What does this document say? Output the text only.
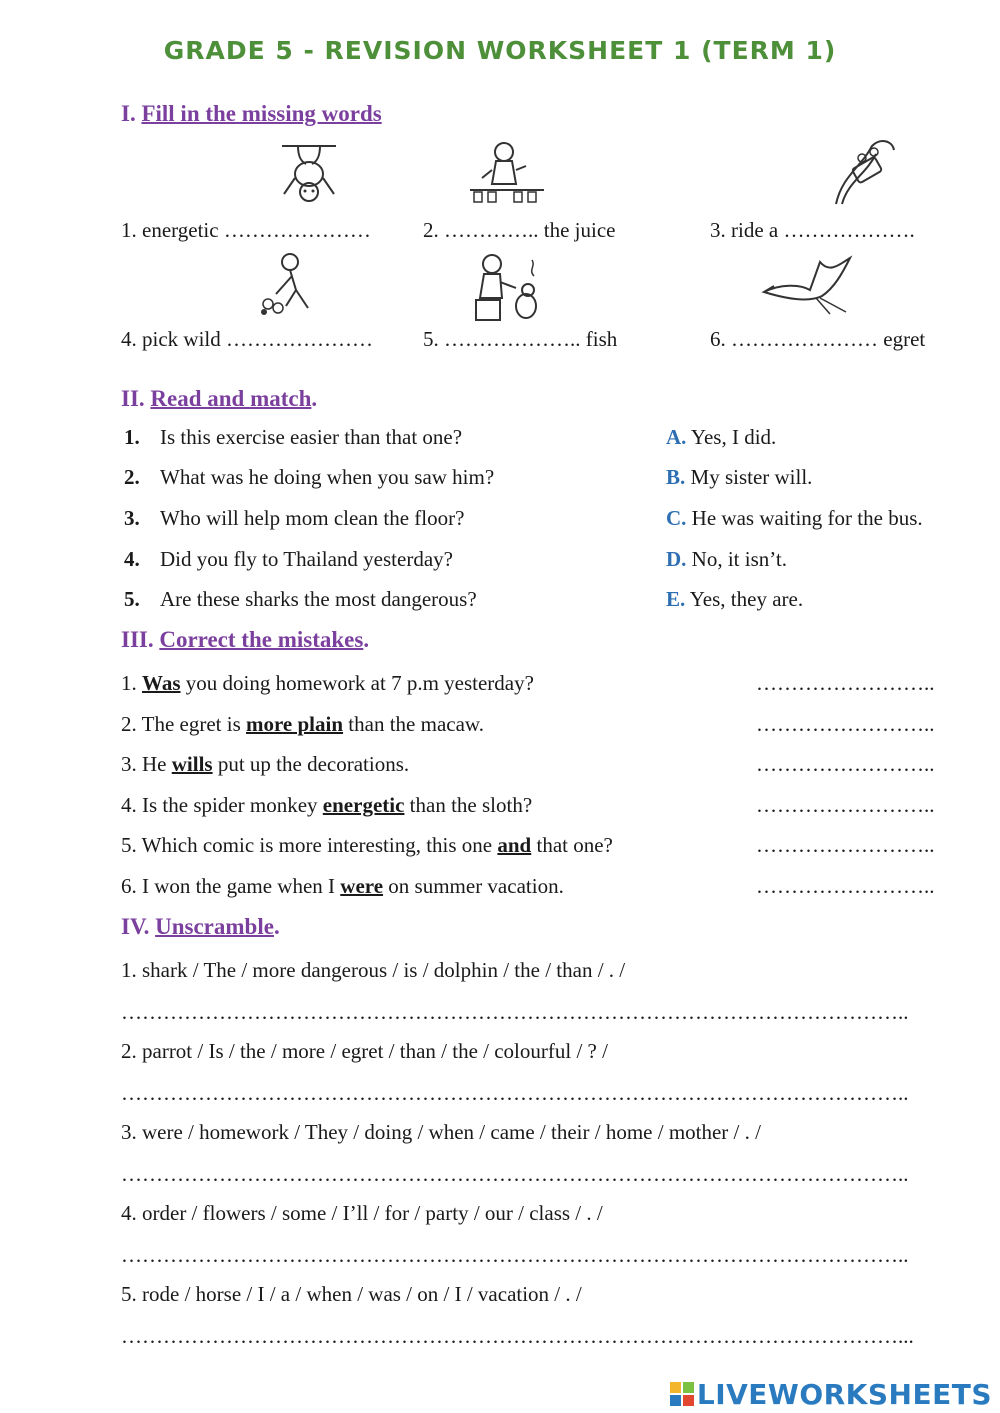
GRADE 5 - REVISION WORKSHEET 1 (TERM 1)
I. Fill in the missing words
1. energetic ………………… 2. ………….. the juice	3. ride a ……………….
4. pick wild ………………… 5. ……………….. fish	6. ………………… egret
II. Read and match.
1. Is this exercise easier than that one?
2. What was he doing when you saw him?
3. Who will help mom clean the floor?
4. Did you fly to Thailand yesterday?
5. Are these sharks the most dangerous?
A. Yes, I did.
B. My sister will.
C. He was waiting for the bus.
D. No, it isn’t.
E. Yes, they are.
III. Correct the mistakes.
1. Was you doing homework at 7 p.m yesterday?
2. The egret is more plain than the macaw.
3. He wills put up the decorations.
4. Is the spider monkey energetic than the sloth?
5. Which comic is more interesting, this one and that one?
6. I won the game when I were on summer vacation.
……………………..
……………………..
……………………..
……………………..
……………………..
……………………..
IV. Unscramble.
1. shark / The / more dangerous / is / dolphin / the / than / . /
…………………………………………………………………………………………………..
2. parrot / Is / the / more / egret / than / the / colourful / ? /
…………………………………………………………………………………………………..
3. were / homework / They / doing / when / came / their / home / mother / . /
…………………………………………………………………………………………………..
4. order / flowers / some / I’ll / for / party / our / class / . /
…………………………………………………………………………………………………..
5. rode / horse / I / a / when / was / on / I / vacation / . /
…………………………………………………………………………………………………...
LIVEWORKSHEETS
